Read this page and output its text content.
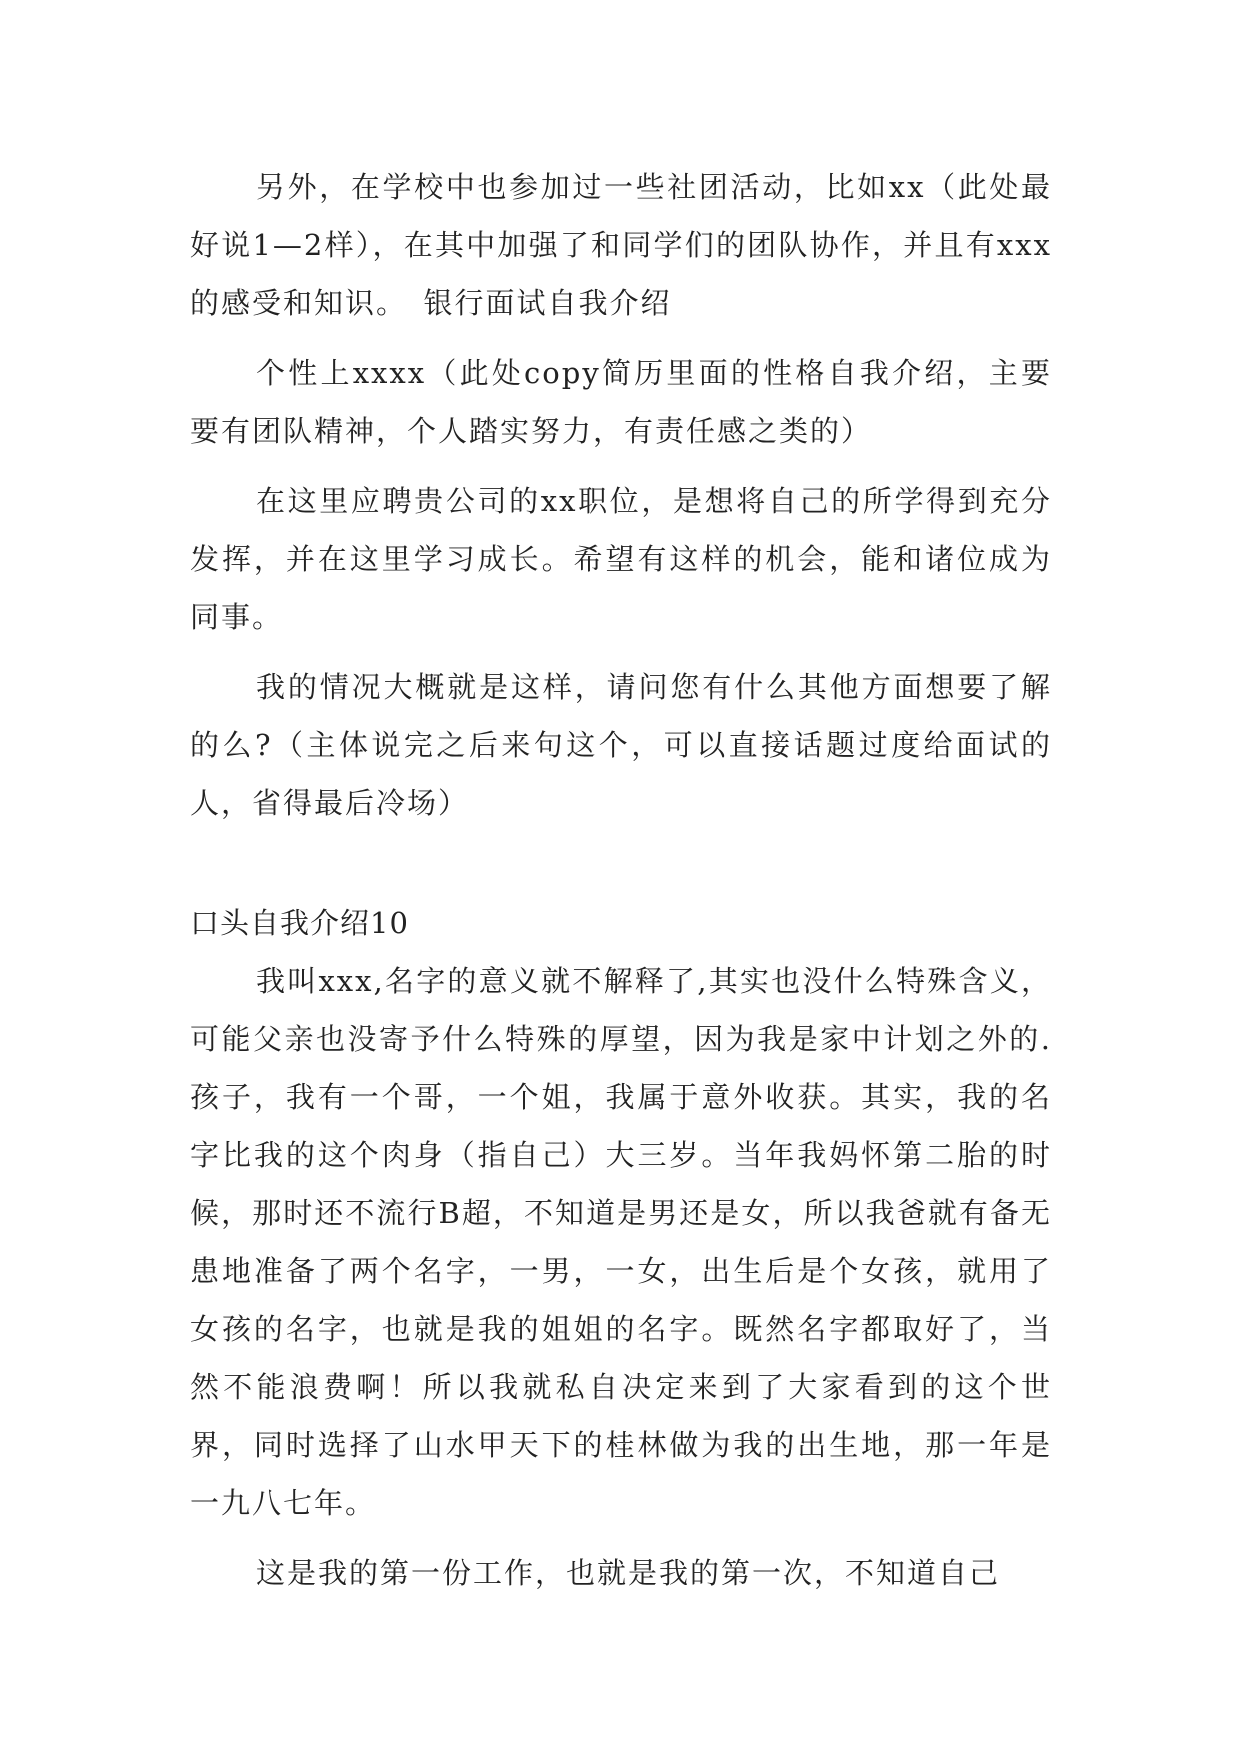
另外，在学校中也参加过一些社团活动，比如xx（此处最好说1—2样），在其中加强了和同学们的团队协作，并且有xxx的感受和知识。　银行面试自我介绍

个性上xxxx（此处copy简历里面的性格自我介绍，主要要有团队精神，个人踏实努力，有责任感之类的）

在这里应聘贵公司的xx职位，是想将自己的所学得到充分发挥，并在这里学习成长。希望有这样的机会，能和诸位成为同事。

我的情况大概就是这样，请问您有什么其他方面想要了解的么?（主体说完之后来句这个，可以直接话题过度给面试的人，省得最后冷场）

口头自我介绍10

我叫xxx,名字的意义就不解释了,其实也没什么特殊含义，可能父亲也没寄予什么特殊的厚望，因为我是家中计划之外的.孩子，我有一个哥，一个姐，我属于意外收获。其实，我的名字比我的这个肉身（指自己）大三岁。当年我妈怀第二胎的时候，那时还不流行B超，不知道是男还是女，所以我爸就有备无患地准备了两个名字，一男，一女，出生后是个女孩，就用了女孩的名字，也就是我的姐姐的名字。既然名字都取好了，当然不能浪费啊！所以我就私自决定来到了大家看到的这个世界，同时选择了山水甲天下的桂林做为我的出生地，那一年是一九八七年。

这是我的第一份工作，也就是我的第一次，不知道自己
